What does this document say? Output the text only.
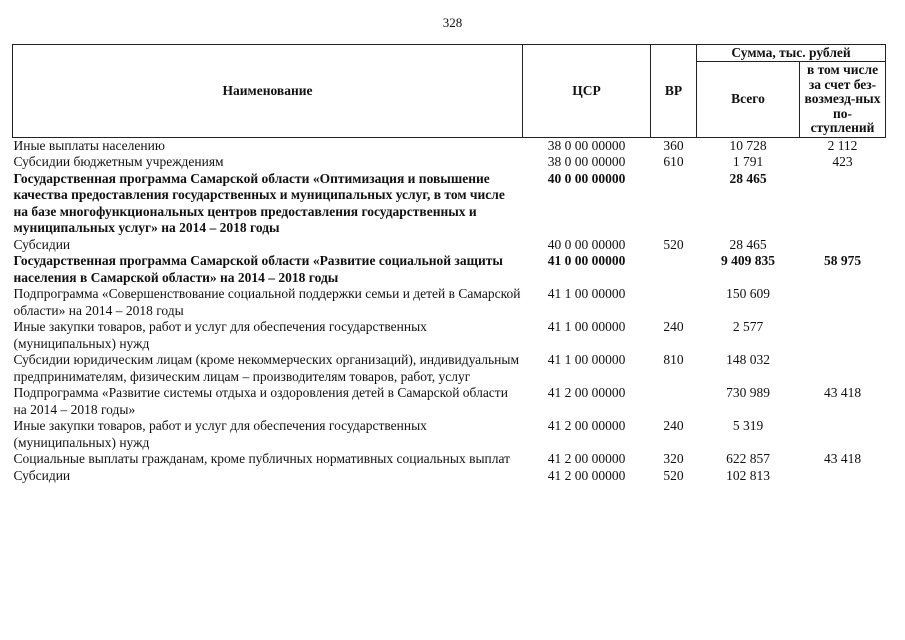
328
Наименование	ЦСР	ВР	Сумма, тыс. рублей	
			Всего	в том числе за счет без-возмезд-ных по-ступлений
Иные выплаты населению	38 0 00 00000	360	10 728	2 112
Субсидии бюджетным учреждениям	38 0 00 00000	610	1 791	423
Государственная программа Самарской области «Оптимизация и повышение качества предоставления государственных и муниципальных услуг, в том числе на базе многофункциональных центров предоставления государственных и муниципальных услуг» на 2014 – 2018 годы	40 0 00 00000		28 465	
Субсидии	40 0 00 00000	520	28 465	
Государственная программа Самарской области «Развитие социальной защиты населения в Самарской области» на 2014 – 2018 годы	41 0 00 00000		9 409 835	58 975
Подпрограмма «Совершенствование социальной поддержки семьи и детей в Самарской области» на 2014 – 2018 годы	41 1 00 00000		150 609	
Иные закупки товаров, работ и услуг для обеспечения государственных (муниципальных) нужд	41 1 00 00000	240	2 577	
Субсидии юридическим лицам (кроме некоммерческих организаций), индивидуальным предпринимателям, физическим лицам – производителям товаров, работ, услуг	41 1 00 00000	810	148 032	
Подпрограмма «Развитие системы отдыха и оздоровления детей в Самарской области на 2014 – 2018 годы»	41 2 00 00000		730 989	43 418
Иные закупки товаров, работ и услуг для обеспечения государственных (муниципальных) нужд	41 2 00 00000	240	5 319	
Социальные выплаты гражданам, кроме публичных нормативных социальных выплат	41 2 00 00000	320	622 857	43 418
Субсидии	41 2 00 00000	520	102 813	
